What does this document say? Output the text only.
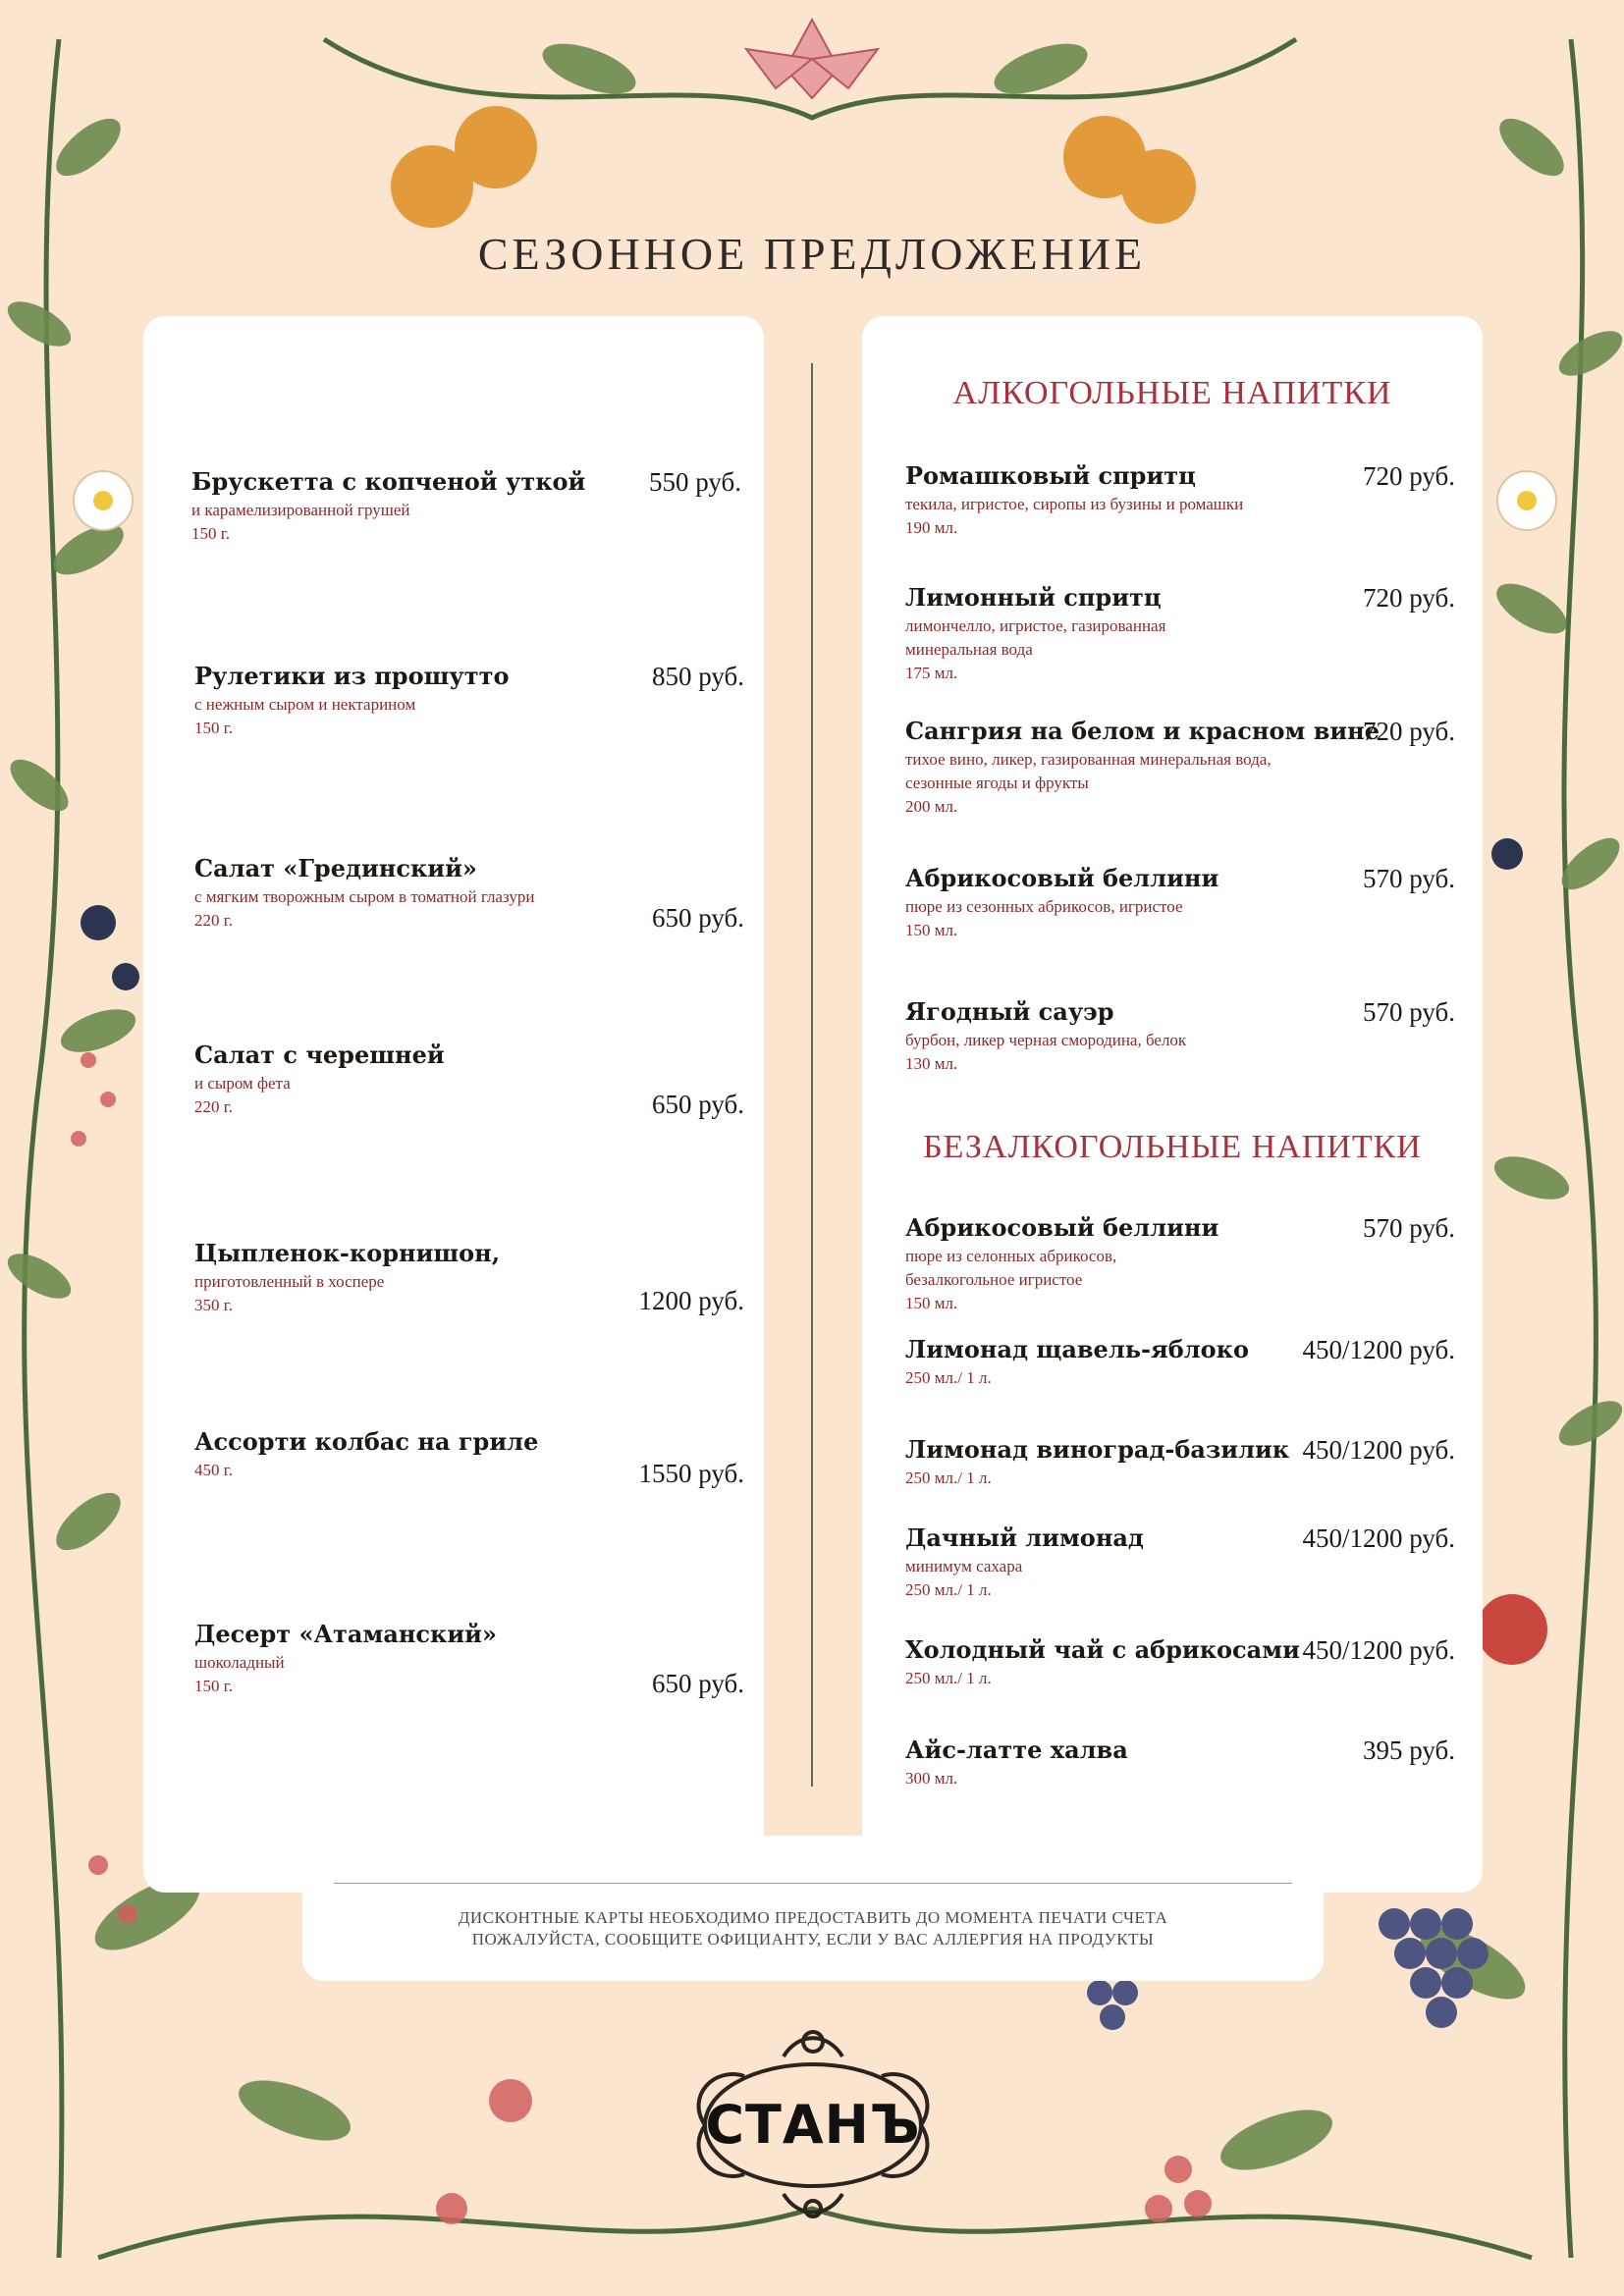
СЕЗОННОЕ ПРЕДЛОЖЕНИЕ
Брускетта с копченой уткой
и карамелизированной грушей
150 г.
550 руб.
Рулетики из прошутто
с нежным сыром и нектарином
150 г.
850 руб.
Салат «Грединский»
с мягким творожным сыром в томатной глазури
220 г.	650 руб.
Салат с черешней
и сыром фета
220 г.	650 руб.
Цыпленок-корнишон,
приготовленный в хоспере
350 г.	1200 руб.
Ассорти колбас на гриле
450 г.	1550 руб.
Десерт «Атаманский»
шоколадный
150 г.	650 руб.
АЛКОГОЛЬНЫЕ НАПИТКИ
Ромашковый спритц
текила, игристое, сиропы из бузины и ромашки
190 мл.
720 руб.
Лимонный спритц
лимончелло, игристое, газированная
минеральная вода
175 мл.
720 руб.
Сангрия на белом и красном вине
тихое вино, ликер, газированная минеральная вода,
сезонные ягоды и фрукты
200 мл.
720 руб.
Абрикосовый беллини
пюре из сезонных абрикосов, игристое
150 мл.
570 руб.
Ягодный сауэр
бурбон, ликер черная смородина, белок
130 мл.
570 руб.
БЕЗАЛКОГОЛЬНЫЕ НАПИТКИ
Абрикосовый беллини
пюре из селонных абрикосов,
безалкогольное игристое
150 мл.
570 руб.
Лимонад щавель-яблоко
250 мл./ 1 л.
450/1200 руб.
Лимонад виноград-базилик
250 мл./ 1 л.
450/1200 руб.
Дачный лимонад
минимум сахара
250 мл./ 1 л.
450/1200 руб.
Холодный чай с абрикосами
250 мл./ 1 л.
450/1200 руб.
Айс-латте халва
300 мл.
395 руб.
ДИСКОНТНЫЕ КАРТЫ НЕОБХОДИМО ПРЕДОСТАВИТЬ ДО МОМЕНТА ПЕЧАТИ СЧЕТА
ПОЖАЛУЙСТА, СООБЩИТЕ ОФИЦИАНТУ, ЕСЛИ У ВАС АЛЛЕРГИЯ НА ПРОДУКТЫ
СТАНЪ
